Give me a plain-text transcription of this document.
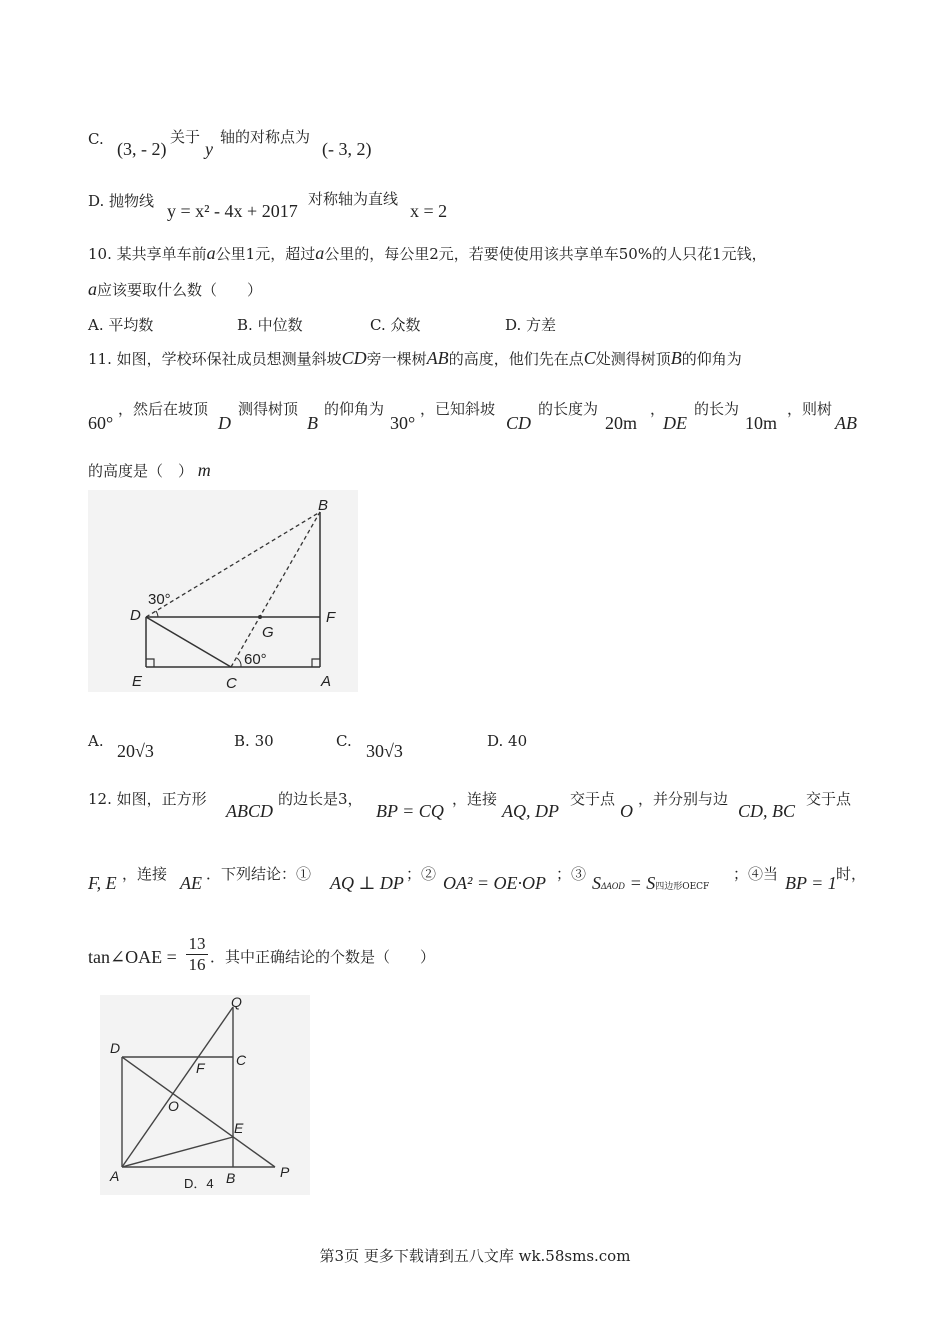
C. (3, - 2)
关于
y
轴的对称点为
(- 3, 2)
D. 抛物线 y = x² - 4x + 2017
对称轴为直线
x = 2
10. 某共享单车前a公里1元，超过a公里的，每公里2元，若要使使用该共享单车50%的人只花1元钱，
a应该要取什么数（　　）
A. 平均数	B. 中位数	C. 众数	D. 方差
11. 如图，学校环保社成员想测量斜坡CD旁一棵树AB的高度，他们先在点C处测得树顶B的仰角为
60°
，然后在坡顶
D
测得树顶
B
的仰角为
30°
，已知斜坡
CD
的长度为
20m
，
DE
的长为
10m
，则树
AB
的高度是（　） m
B
D	F
G
E	C	A
30°
60°
A. 20√3	B. 30	C. 30√3	D. 40
12. 如图，正方形
ABCD
的边长是3，
BP = CQ
，连接
AQ, DP
交于点
O
，并分别与边
CD, BC
交于点
F, E ，连接 AE ．下列结论：① AQ ⊥ DP ；② OA² = OE·OP ；③ SΔAOD = S四边形OECF
；④当 BP = 1 时，
tan∠OAE = $\frac{13}{16}$ ．其中正确结论的个数是（　　）
Q
D
C
F
O
E
A	B	P
D．4
第3页 更多下载请到五八文库 wk.58sms.com
